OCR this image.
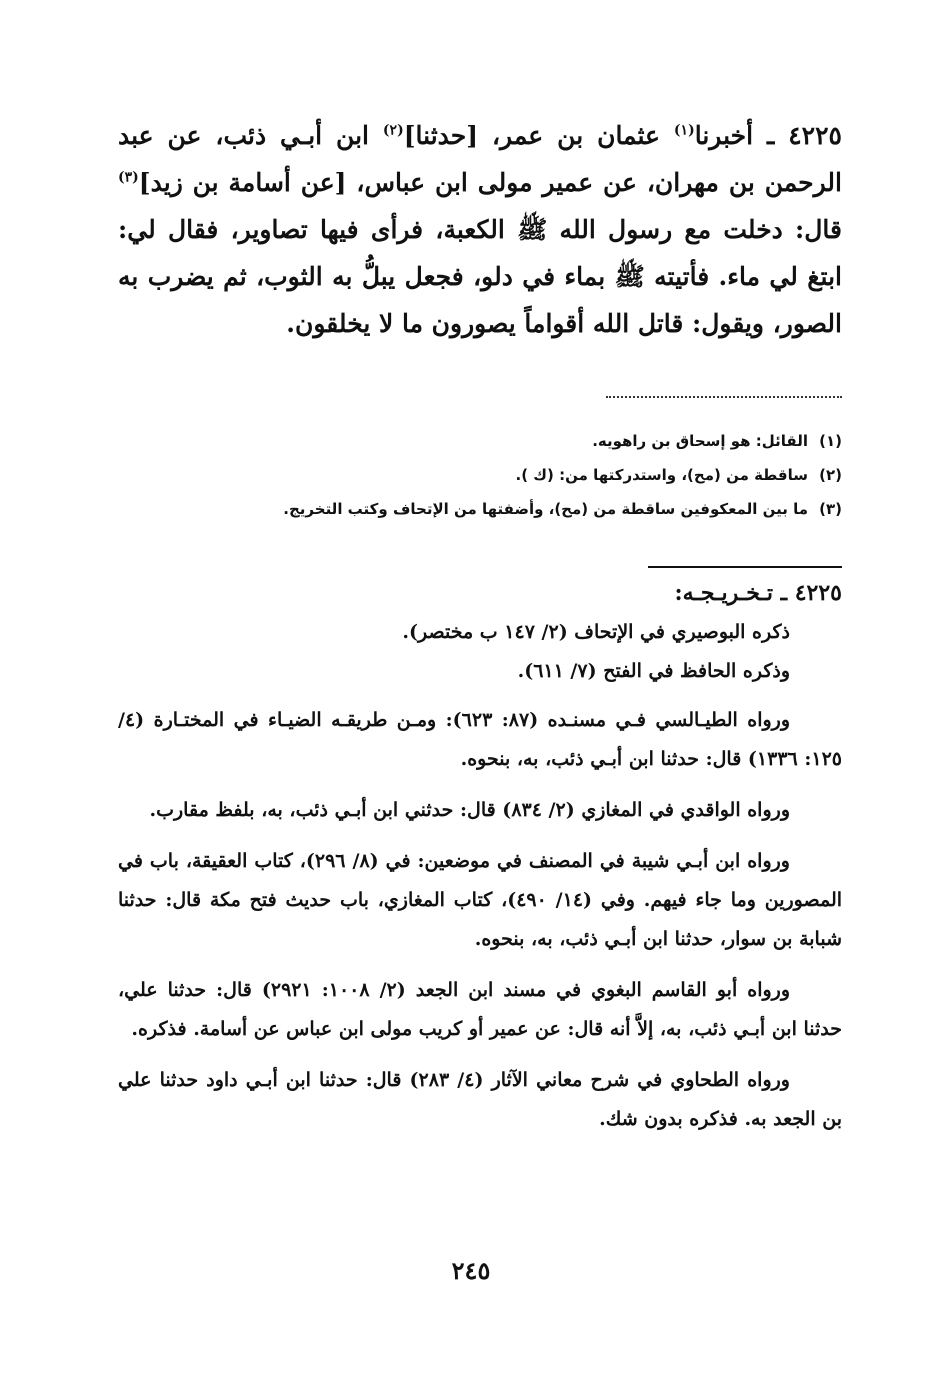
٤٢٢٥ ـ أخبرنا$^{(١)}$ عثمان بن عمر، [حدثنا]$^{(٢)}$ ابن أبـي ذئب، عن عبد الرحمن بن مهران، عن عمير مولى ابن عباس، [عن أسامة بن زيد]$^{(٣)}$ قال: دخلت مع رسول الله ﷺ الكعبة، فرأى فيها تصاوير، فقال لي: ابتغ لي ماء. فأتيته ﷺ بماء في دلو، فجعل يبلُّ به الثوب، ثم يضرب به الصور، ويقول: قاتل الله أقواماً يصورون ما لا يخلقون.

(١)القائل: هو إسحاق بن راهويه.
(٢)ساقطة من (مح)، واستدركتها من: (ك ).
(٣)ما بين المعكوفين ساقطة من (مح)، وأضفتها من الإتحاف وكتب التخريج.

٤٢٢٥ ـ تـخـريـجـه:

ذكره البوصيري في الإتحاف (٢/ ١٤٧ ب مختصر).

وذكره الحافظ في الفتح (٧/ ٦١١).

ورواه الطيـالسي فـي مسنـده (٨٧: ٦٢٣): ومـن طريقـه الضيـاء في المختـارة (٤/ ١٢٥: ١٣٣٦) قال: حدثنا ابن أبـي ذئب، به، بنحوه.

ورواه الواقدي في المغازي (٢/ ٨٣٤) قال: حدثني ابن أبـي ذئب، به، بلفظ مقارب.

ورواه ابن أبـي شيبة في المصنف في موضعين: في (٨/ ٢٩٦)، كتاب العقيقة، باب في المصورين وما جاء فيهم. وفي (١٤/ ٤٩٠)، كتاب المغازي، باب حديث فتح مكة قال: حدثنا شبابة بن سوار، حدثنا ابن أبـي ذئب، به، بنحوه.

ورواه أبو القاسم البغوي في مسند ابن الجعد (٢/ ١٠٠٨: ٢٩٢١) قال: حدثنا علي، حدثنا ابن أبـي ذئب، به، إلاَّ أنه قال: عن عمير أو كريب مولى ابن عباس عن أسامة. فذكره.

ورواه الطحاوي في شرح معاني الآثار (٤/ ٢٨٣) قال: حدثنا ابن أبـي داود حدثنا علي بن الجعد به. فذكره بدون شك.

٢٤٥
